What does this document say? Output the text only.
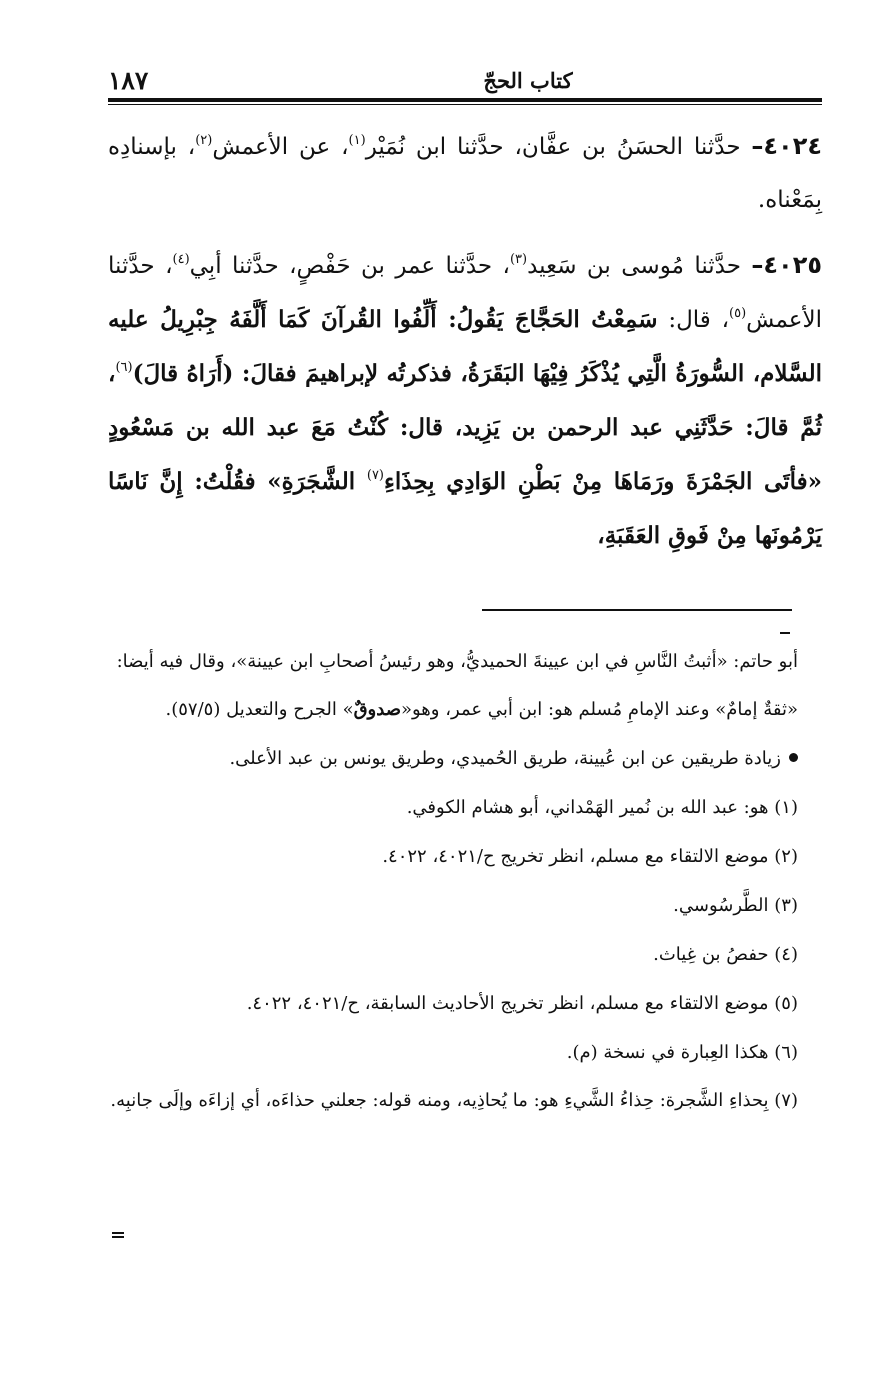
كتاب الحجّ
١٨٧

٤٠٢٤– حدَّثنا الحسَنُ بن عفَّان، حدَّثنا ابن نُمَيْر$^{(١)}$، عن الأعمش$^{(٢)}$، بإسنادِه بِمَعْناه.

٤٠٢٥– حدَّثنا مُوسى بن سَعِيد$^{(٣)}$، حدَّثنا عمر بن حَفْصٍ، حدَّثنا أبِي$^{(٤)}$، حدَّثنا الأعمش$^{(٥)}$، قال: سَمِعْتُ الحَجَّاجَ يَقُولُ: أَلِّفُوا القُرآنَ كَمَا أَلَّفَهُ جِبْرِيلُ عليه السَّلام، السُّورَةُ الَّتِي يُذْكَرُ فِيْهَا البَقَرَةُ، فذكرتُه لإبراهيمَ فقالَ: (أَرَاهُ قالَ)$^{(٦)}$، ثُمَّ قالَ: حَدَّثَنِي عبد الرحمن بن يَزِيد، قال: كُنْتُ مَعَ عبد الله بن مَسْعُودٍ «فأتَى الجَمْرَةَ ورَمَاهَا مِنْ بَطْنِ الوَادِي بِحِذَاءِ$^{(٧)}$ الشَّجَرَةِ» فقُلْتُ: إِنَّ نَاسًا يَرْمُونَها مِنْ فَوقِ العَقَبَةِ،

أبو حاتم: «أثبتُ النَّاسِ في ابن عيينةَ الحميديُّ، وهو رئيسُ أصحابِ ابن عيينة»، وقال فيه أيضا: «ثقةٌ إمامٌ» وعند الإمامِ مُسلم هو: ابن أبي عمر، وهو«صدوقٌ» الجرح والتعديل (٥٧/٥).

زيادة طريقين عن ابن عُيينة، طريق الحُميدي، وطريق يونس بن عبد الأعلى.

(١) هو: عبد الله بن نُمير الهَمْداني، أبو هشام الكوفي.

(٢) موضع الالتقاء مع مسلم، انظر تخريج ح/٤٠٢١، ٤٠٢٢.

(٣) الطَّرسُوسي.

(٤) حفصُ بن غِياث.

(٥) موضع الالتقاء مع مسلم، انظر تخريج الأحاديث السابقة، ح/٤٠٢١، ٤٠٢٢.

(٦) هكذا العِبارة في نسخة (م).

(٧) بِحذاءِ الشَّجرة: حِذاءُ الشَّيءِ هو: ما يُحاذِيه، ومنه قوله: جعلني حذاءَه، أي إزاءَه وإلَى جانبِه.
